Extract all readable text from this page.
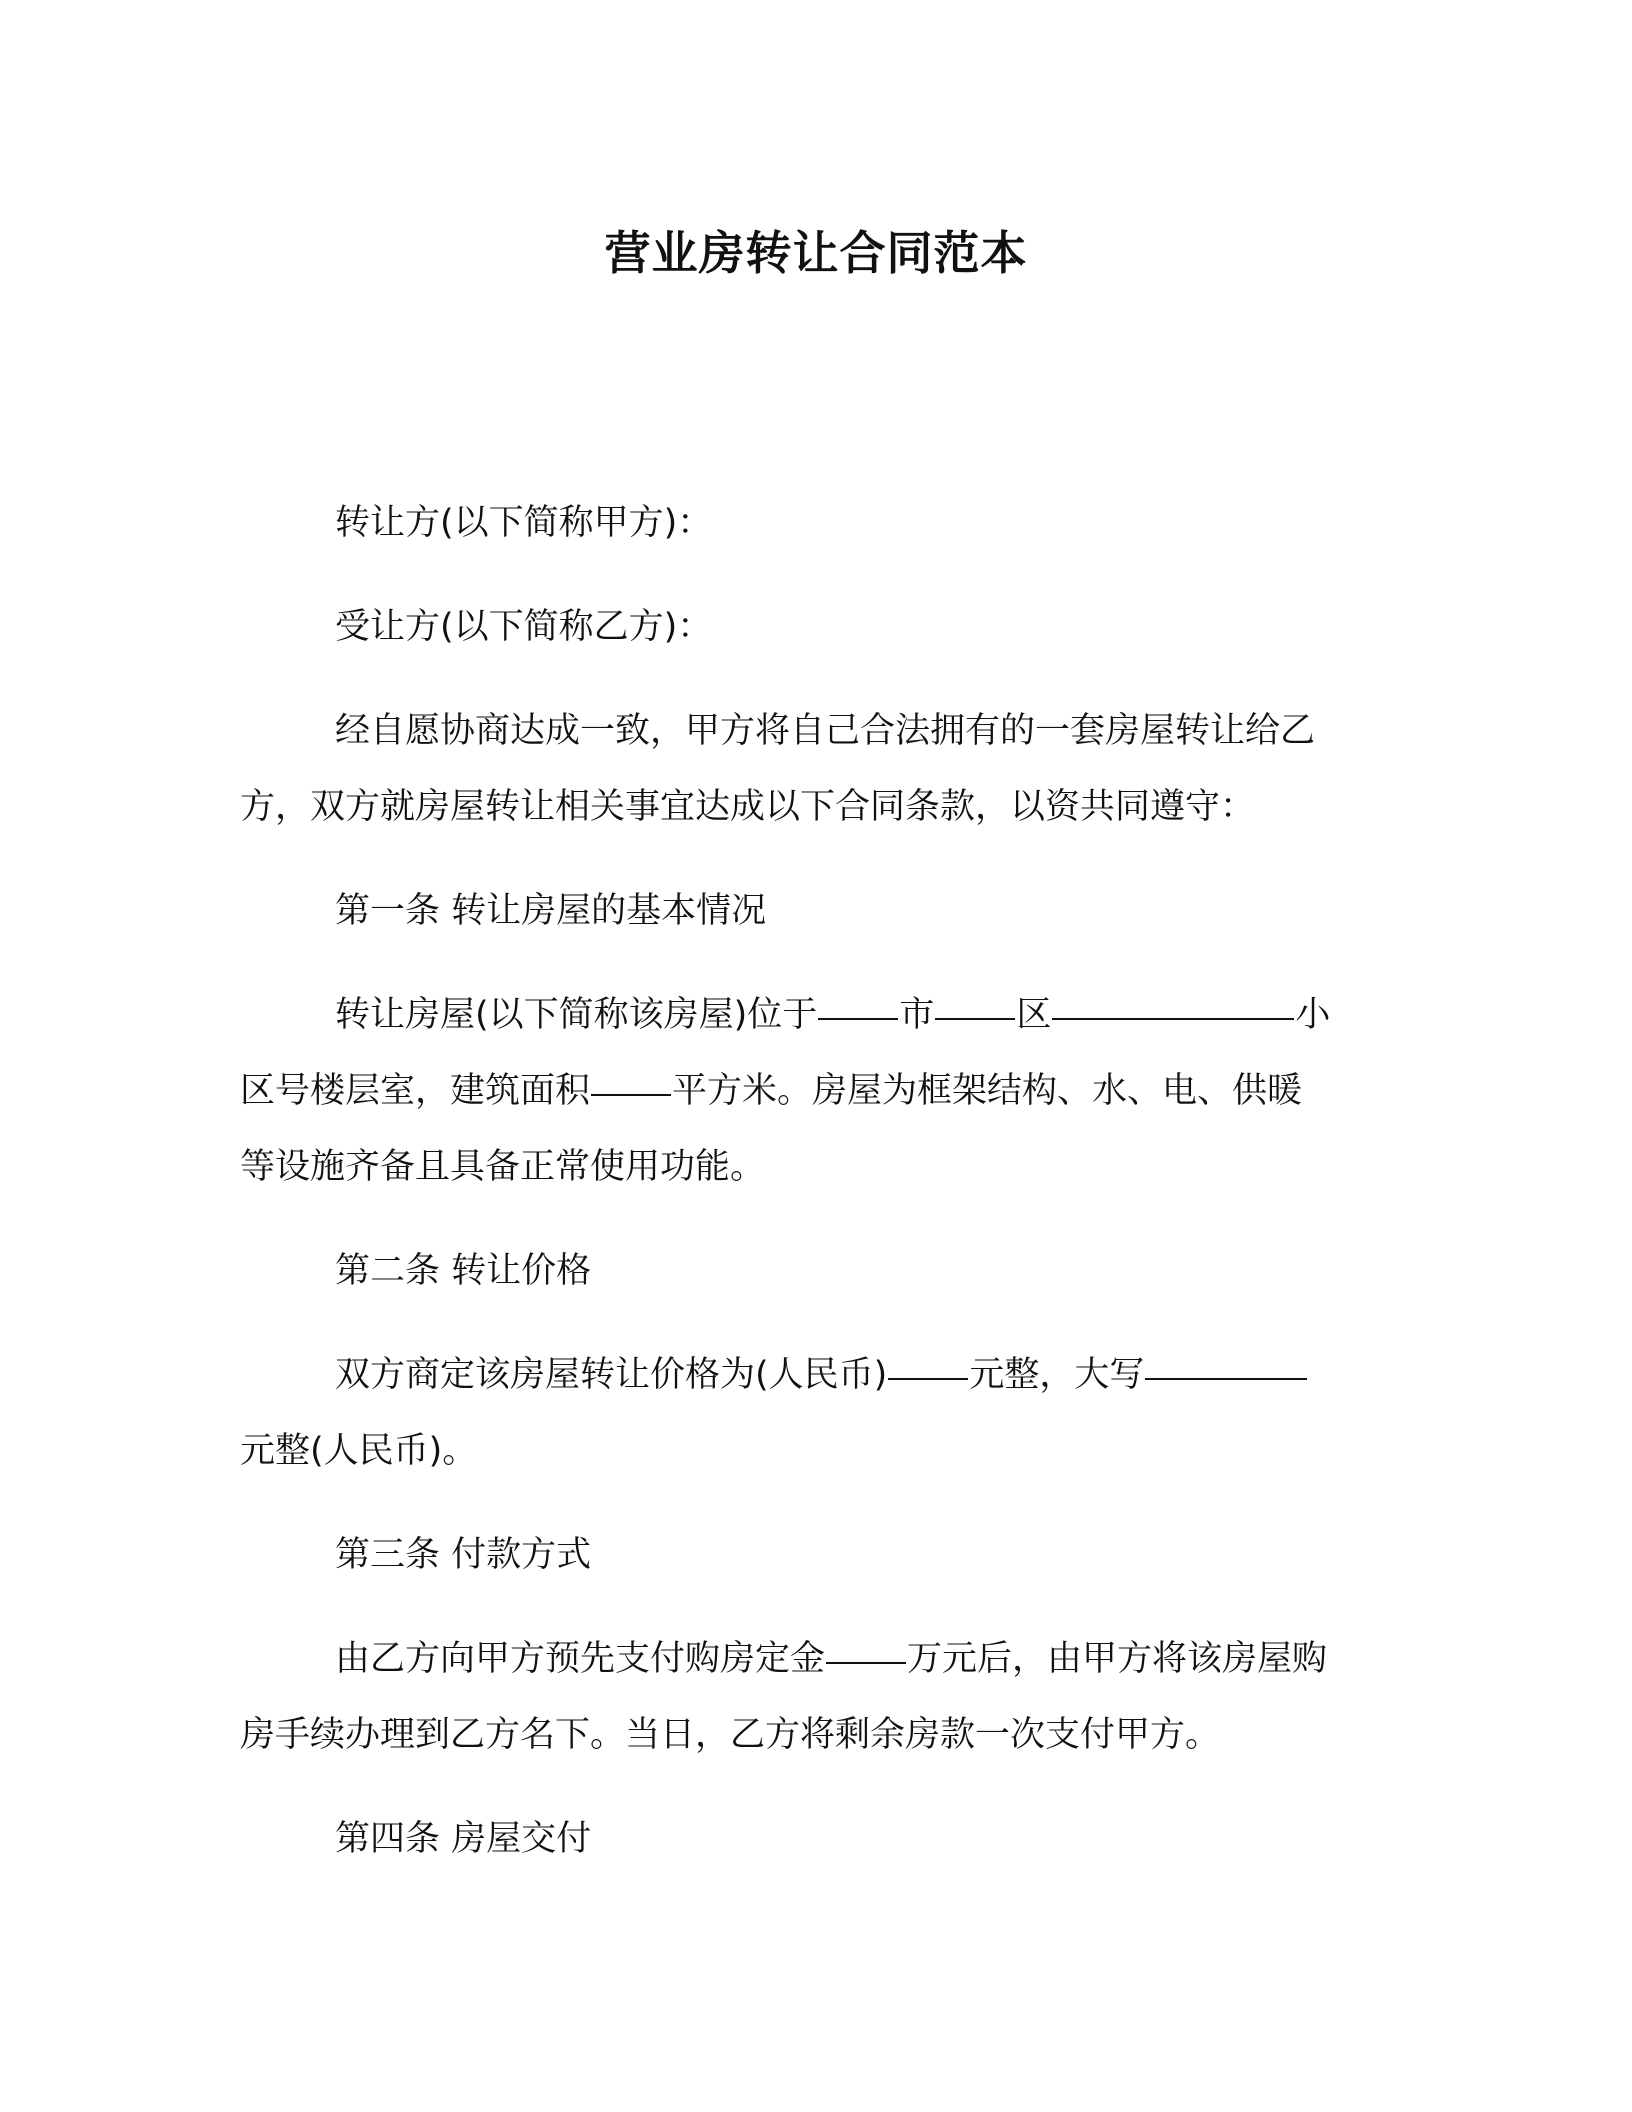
营业房转让合同范本
转让方(以下简称甲方)：
受让方(以下简称乙方)：
经自愿协商达成一致，甲方将自己合法拥有的一套房屋转让给乙
方，双方就房屋转让相关事宜达成以下合同条款，以资共同遵守：
第一条 转让房屋的基本情况
转让房屋(以下简称该房屋)位于 市 区	小
区号楼层室，建筑面积 平方米。房屋为框架结构、水、电、供暖
等设施齐备且具备正常使用功能。
第二条 转让价格
双方商定该房屋转让价格为(人民币) 元整，大写
元整(人民币)。
第三条 付款方式
由乙方向甲方预先支付购房定金 万元后，由甲方将该房屋购
房手续办理到乙方名下。当日，乙方将剩余房款一次支付甲方。
第四条 房屋交付
